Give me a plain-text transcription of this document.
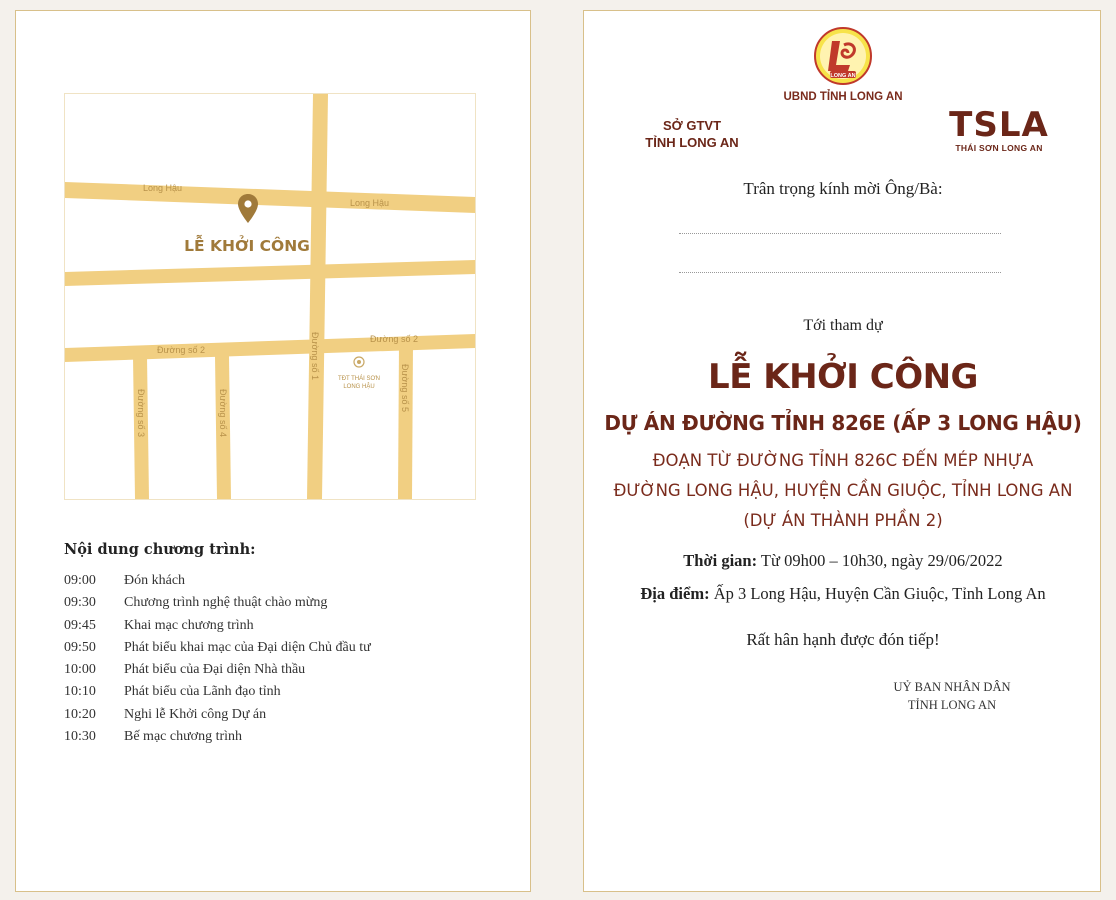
Long Hậu
Long Hậu
Đường số 2
Đường số 2
Đường số 1
Đường số 3	Đường số 4
Đường số 5
TĐT THÁI SƠN
LONG HẬU
LỄ KHỞI CÔNG
Nội dung chương trình:
09:00	Đón khách
09:30	Chương trình nghệ thuật chào mừng
09:45	Khai mạc chương trình
09:50	Phát biểu khai mạc của Đại diện Chủ đầu tư
10:00	Phát biểu của Đại diện Nhà thầu
10:10	Phát biểu của Lãnh đạo tỉnh
10:20	Nghi lễ Khởi công Dự án
10:30	Bế mạc chương trình
LONG AN
UBND TỈNH LONG AN
SỞ GTVT
TỈNH LONG AN	TSLA
THÁI SƠN LONG AN
Trân trọng kính mời Ông/Bà:
Tới tham dự
LỄ KHỞI CÔNG
DỰ ÁN ĐƯỜNG TỈNH 826E (ẤP 3 LONG HẬU)
ĐOẠN TỪ ĐƯỜNG TỈNH 826C ĐẾN MÉP NHỰA
ĐƯỜNG LONG HẬU, HUYỆN CẦN GIUỘC, TỈNH LONG AN
(DỰ ÁN THÀNH PHẦN 2)
Thời gian: Từ 09h00 – 10h30, ngày 29/06/2022
Địa điểm: Ấp 3 Long Hậu, Huyện Cần Giuộc, Tỉnh Long An
Rất hân hạnh được đón tiếp!
UỶ BAN NHÂN DÂN
TỈNH LONG AN
